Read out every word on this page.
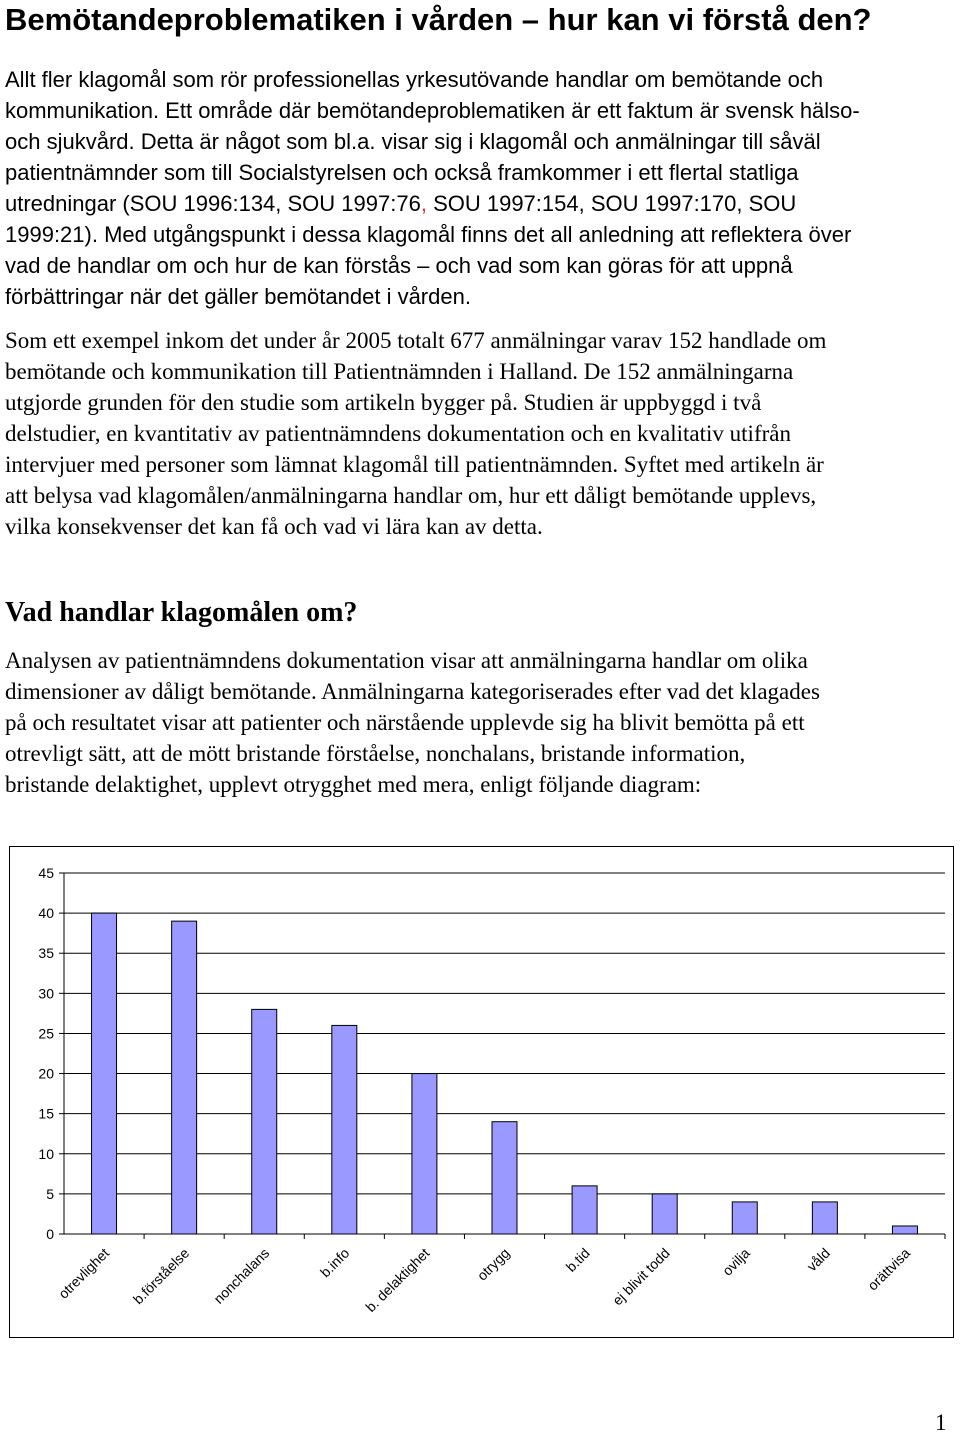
Bemötandeproblematiken i vården – hur kan vi förstå den?

Allt fler klagomål som rör professionellas yrkesutövande handlar om bemötande och

kommunikation. Ett område där bemötandeproblematiken är ett faktum är svensk hälso-

och sjukvård. Detta är något som bl.a. visar sig i klagomål och anmälningar till såväl

patientnämnder som till Socialstyrelsen och också framkommer i ett flertal statliga

utredningar (SOU 1996:134, SOU 1997:76, SOU 1997:154, SOU 1997:170, SOU

1999:21). Med utgångspunkt i dessa klagomål finns det all anledning att reflektera över

vad de handlar om och hur de kan förstås – och vad som kan göras för att uppnå

förbättringar när det gäller bemötandet i vården.

Som ett exempel inkom det under år 2005 totalt 677 anmälningar varav 152 handlade om

bemötande och kommunikation till Patientnämnden i Halland. De 152 anmälningarna

utgjorde grunden för den studie som artikeln bygger på. Studien är uppbyggd i två

delstudier, en kvantitativ av patientnämndens dokumentation och en kvalitativ utifrån

intervjuer med personer som lämnat klagomål till patientnämnden. Syftet med artikeln är

att belysa vad klagomålen/anmälningarna handlar om, hur ett dåligt bemötande upplevs,

vilka konsekvenser det kan få och vad vi lära kan av detta.

Vad handlar klagomålen om?

Analysen av patientnämndens dokumentation visar att anmälningarna handlar om olika

dimensioner av dåligt bemötande. Anmälningarna kategoriserades efter vad det klagades

på och resultatet visar att patienter och närstående upplevde sig ha blivit bemötta på ett

otrevligt sätt, att de mött bristande förståelse, nonchalans, bristande information,

bristande delaktighet, upplevt otrygghet med mera, enligt följande diagram:

0
5
10
15
20
25
30
35
40
45
otrevlighet b.förståelse nonchalans	b.info b. delaktighet	otrygg	b.tid ej blivit todd	ovilja	våld orättvisa

1
